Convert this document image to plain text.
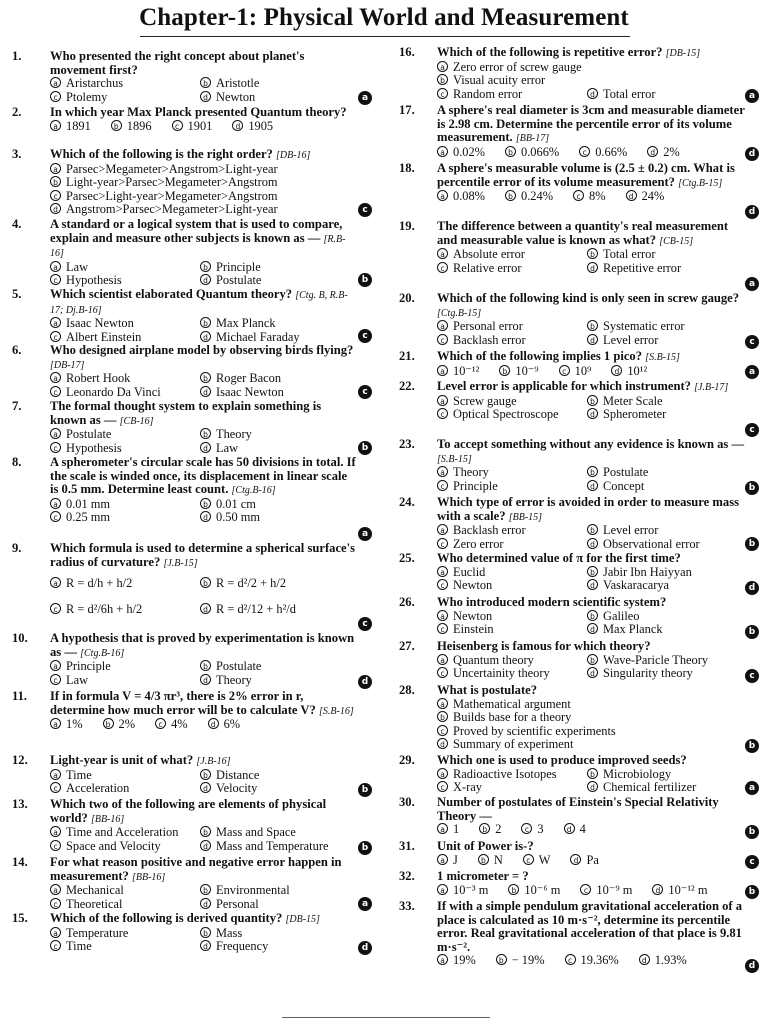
Chapter-1: Physical World and Measurement
1.	Who presented the right concept about planet's movement first?
a Aristarchus	b Aristotle
c Ptolemy	d Newton	a
2.	In which year Max Planck presented Quantum theory?
a 1891	b 1896	c 1901	d 1905
3.	Which of the following is the right order? [DB-16]
a Parsec>Megameter>Angstrom>Light-year
b Light-year>Parsec>Megameter>Angstrom
c Parsec>Light-year>Megameter>Angstrom
d Angstrom>Parsec>Megameter>Light-year	c
4.	A standard or a logical system that is used to compare, explain and measure other subjects is known as — [R.B-16]
a Law	b Principle
c Hypothesis	d Postulate	b
5.	Which scientist elaborated Quantum theory? [Ctg. B, R.B-17; Dj.B-16]
a Isaac Newton	b Max Planck
c Albert Einstein	d Michael Faraday	c
6.	Who designed airplane model by observing birds flying? [DB-17]
a Robert Hook	b Roger Bacon
c Leonardo Da Vinci	d Isaac Newton	c
7.	The formal thought system to explain something is known as — [CB-16]
a Postulate	b Theory
c Hypothesis	d Law	b
8.	A spherometer's circular scale has 50 divisions in total. If the scale is winded once, its displacement in linear scale is 0.5 mm. Determine least count. [Ctg.B-16]
a 0.01 mm	b 0.01 cm
c 0.25 mm	d 0.50 mm
a
9.	Which formula is used to determine a spherical surface's radius of curvature? [J.B-15]
a R = d/h + h/2	b R = d²/2 + h/2
c R = d²/6h + h/2	d R = d²/12 + h²/d
c
10.	A hypothesis that is proved by experimentation is known as — [Ctg.B-16]
a Principle	b Postulate
c Law	d Theory	d
11.	If in formula V = 4/3 πr³, there is 2% error in r, determine how much error will be to calculate V? [S.B-16]
a 1%	b 2%	c 4%	d 6%
12.	Light-year is unit of what? [J.B-16]
a Time	b Distance
c Acceleration	d Velocity	b
13.	Which two of the following are elements of physical world? [BB-16]
a Time and Acceleration	b Mass and Space
c Space and Velocity	d Mass and Temperature	b
14.	For what reason positive and negative error happen in measurement? [BB-16]
a Mechanical	b Environmental
c Theoretical	d Personal	a
15.	Which of the following is derived quantity? [DB-15]
a Temperature	b Mass
c Time	d Frequency	d
16.	Which of the following is repetitive error? [DB-15]
a Zero error of screw gauge
b Visual acuity error
c Random error	d Total error	a
17.	A sphere's real diameter is 3cm and measurable diameter is 2.98 cm. Determine the percentile error of its volume measurement. [BB-17]
a 0.02%	b 0.066%	c 0.66%	d 2%	d
18.	A sphere's measurable volume is (2.5 ± 0.2) cm. What is percentile error of its volume measurement? [Ctg.B-15]
a 0.08%	b 0.24%	c 8%	d 24%
d
19.	The difference between a quantity's real measurement and measurable value is known as what? [CB-15]
a Absolute error	b Total error
c Relative error	d Repetitive error
a
20.	Which of the following kind is only seen in screw gauge? [Ctg.B-15]
a Personal error	b Systematic error
c Backlash error	d Level error	c
21.	Which of the following implies 1 pico? [S.B-15]
a 10⁻¹²	b 10⁻⁹	c 10⁹	d 10¹²	a
22.	Level error is applicable for which instrument? [J.B-17]
a Screw gauge	b Meter Scale
c Optical Spectroscope	d Spherometer
c
23.	To accept something without any evidence is known as — [S.B-15]
a Theory	b Postulate
c Principle	d Concept	b
24.	Which type of error is avoided in order to measure mass with a scale? [BB-15]
a Backlash error	b Level error
c Zero error	d Observational error	b
25.	Who determined value of π for the first time?
a Euclid	b Jabir Ibn Haiyyan
c Newton	d Vaskaracarya	d
26.	Who introduced modern scientific system?
a Newton	b Galileo
c Einstein	d Max Planck	b
27.	Heisenberg is famous for which theory?
a Quantum theory	b Wave-Paricle Theory
c Uncertainity theory	d Singularity theory	c
28.	What is postulate?
a Mathematical argument
b Builds base for a theory
c Proved by scientific experiments
d Summary of experiment	b
29.	Which one is used to produce improved seeds?
a Radioactive Isotopes	b Microbiology
c X-ray	d Chemical fertilizer	a
30.	Number of postulates of Einstein's Special Relativity Theory —
a 1	b 2	c 3	d 4	b
31.	Unit of Power is-?
a J	b N	c W	d Pa	c
32.	1 micrometer = ?
a 10⁻³ m	b 10⁻⁶ m	c 10⁻⁹ m	d 10⁻¹² m	b
33.	If with a simple pendulum gravitational acceleration of a place is calculated as 10 m·s⁻², determine its percentile error. Real gravitational acceleration of that place is 9.81 m·s⁻².
a 19%	b − 19%	c 19.36%	d 1.93%	d
